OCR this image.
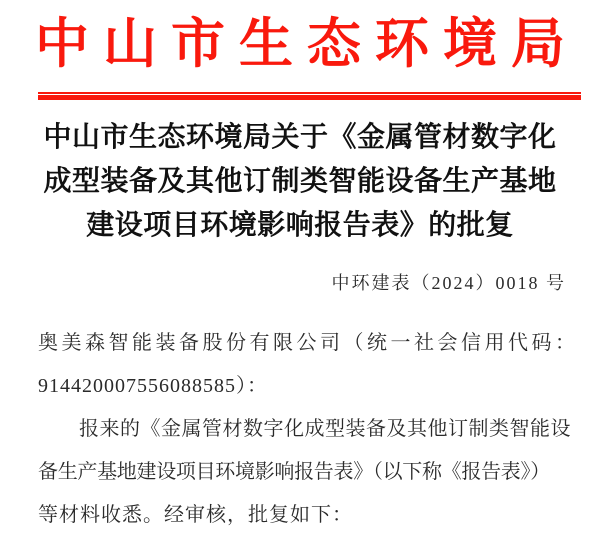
中山市生态环境局
中山市生态环境局关于《金属管材数字化
成型装备及其他订制类智能设备生产基地
建设项目环境影响报告表》的批复
中环建表（2024）0018 号
奥美森智能装备股份有限公司（统一社会信用代码：
914420007556088585）：
报来的《金属管材数字化成型装备及其他订制类智能设
备生产基地建设项目环境影响报告表》（以下称《报告表》）
等材料收悉。经审核，批复如下：
